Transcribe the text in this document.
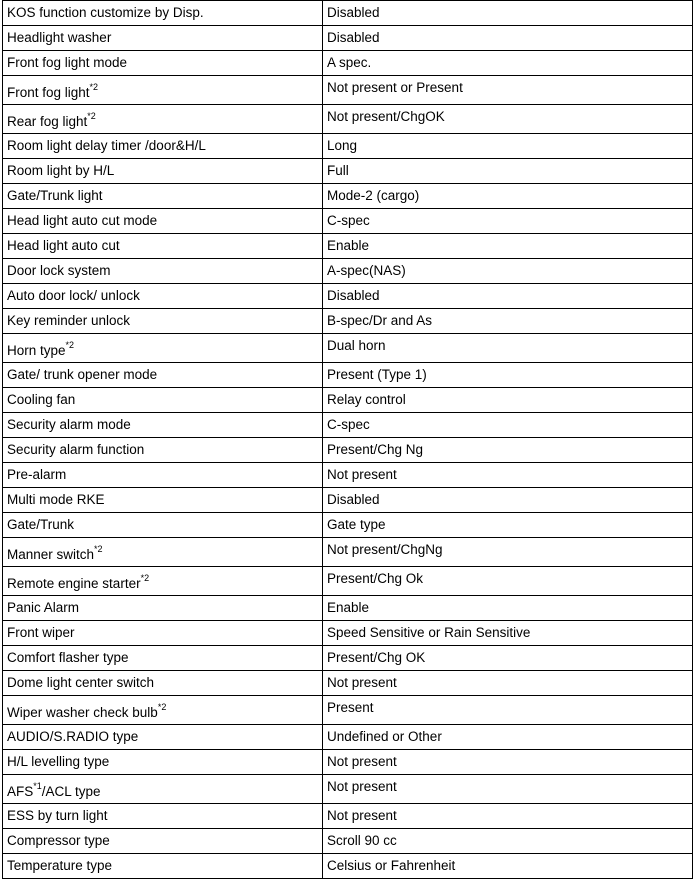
KOS function customize by Disp.	Disabled
Headlight washer	Disabled
Front fog light mode	A spec.
Front fog light$^{*2}$	Not present or Present
Rear fog light$^{*2}$	Not present/ChgOK
Room light delay timer /door&H/L	Long
Room light by H/L	Full
Gate/Trunk light	Mode-2 (cargo)
Head light auto cut mode	C-spec
Head light auto cut	Enable
Door lock system	A-spec(NAS)
Auto door lock/ unlock	Disabled
Key reminder unlock	B-spec/Dr and As
Horn type$^{*2}$	Dual horn
Gate/ trunk opener mode	Present (Type 1)
Cooling fan	Relay control
Security alarm mode	C-spec
Security alarm function	Present/Chg Ng
Pre-alarm	Not present
Multi mode RKE	Disabled
Gate/Trunk	Gate type
Manner switch$^{*2}$	Not present/ChgNg
Remote engine starter$^{*2}$	Present/Chg Ok
Panic Alarm	Enable
Front wiper	Speed Sensitive or Rain Sensitive
Comfort flasher type	Present/Chg OK
Dome light center switch	Not present
Wiper washer check bulb$^{*2}$	Present
AUDIO/S.RADIO type	Undefined or Other
H/L levelling type	Not present
AFS$^{*1}$/ACL type	Not present
ESS by turn light	Not present
Compressor type	Scroll 90 cc
Temperature type	Celsius or Fahrenheit
